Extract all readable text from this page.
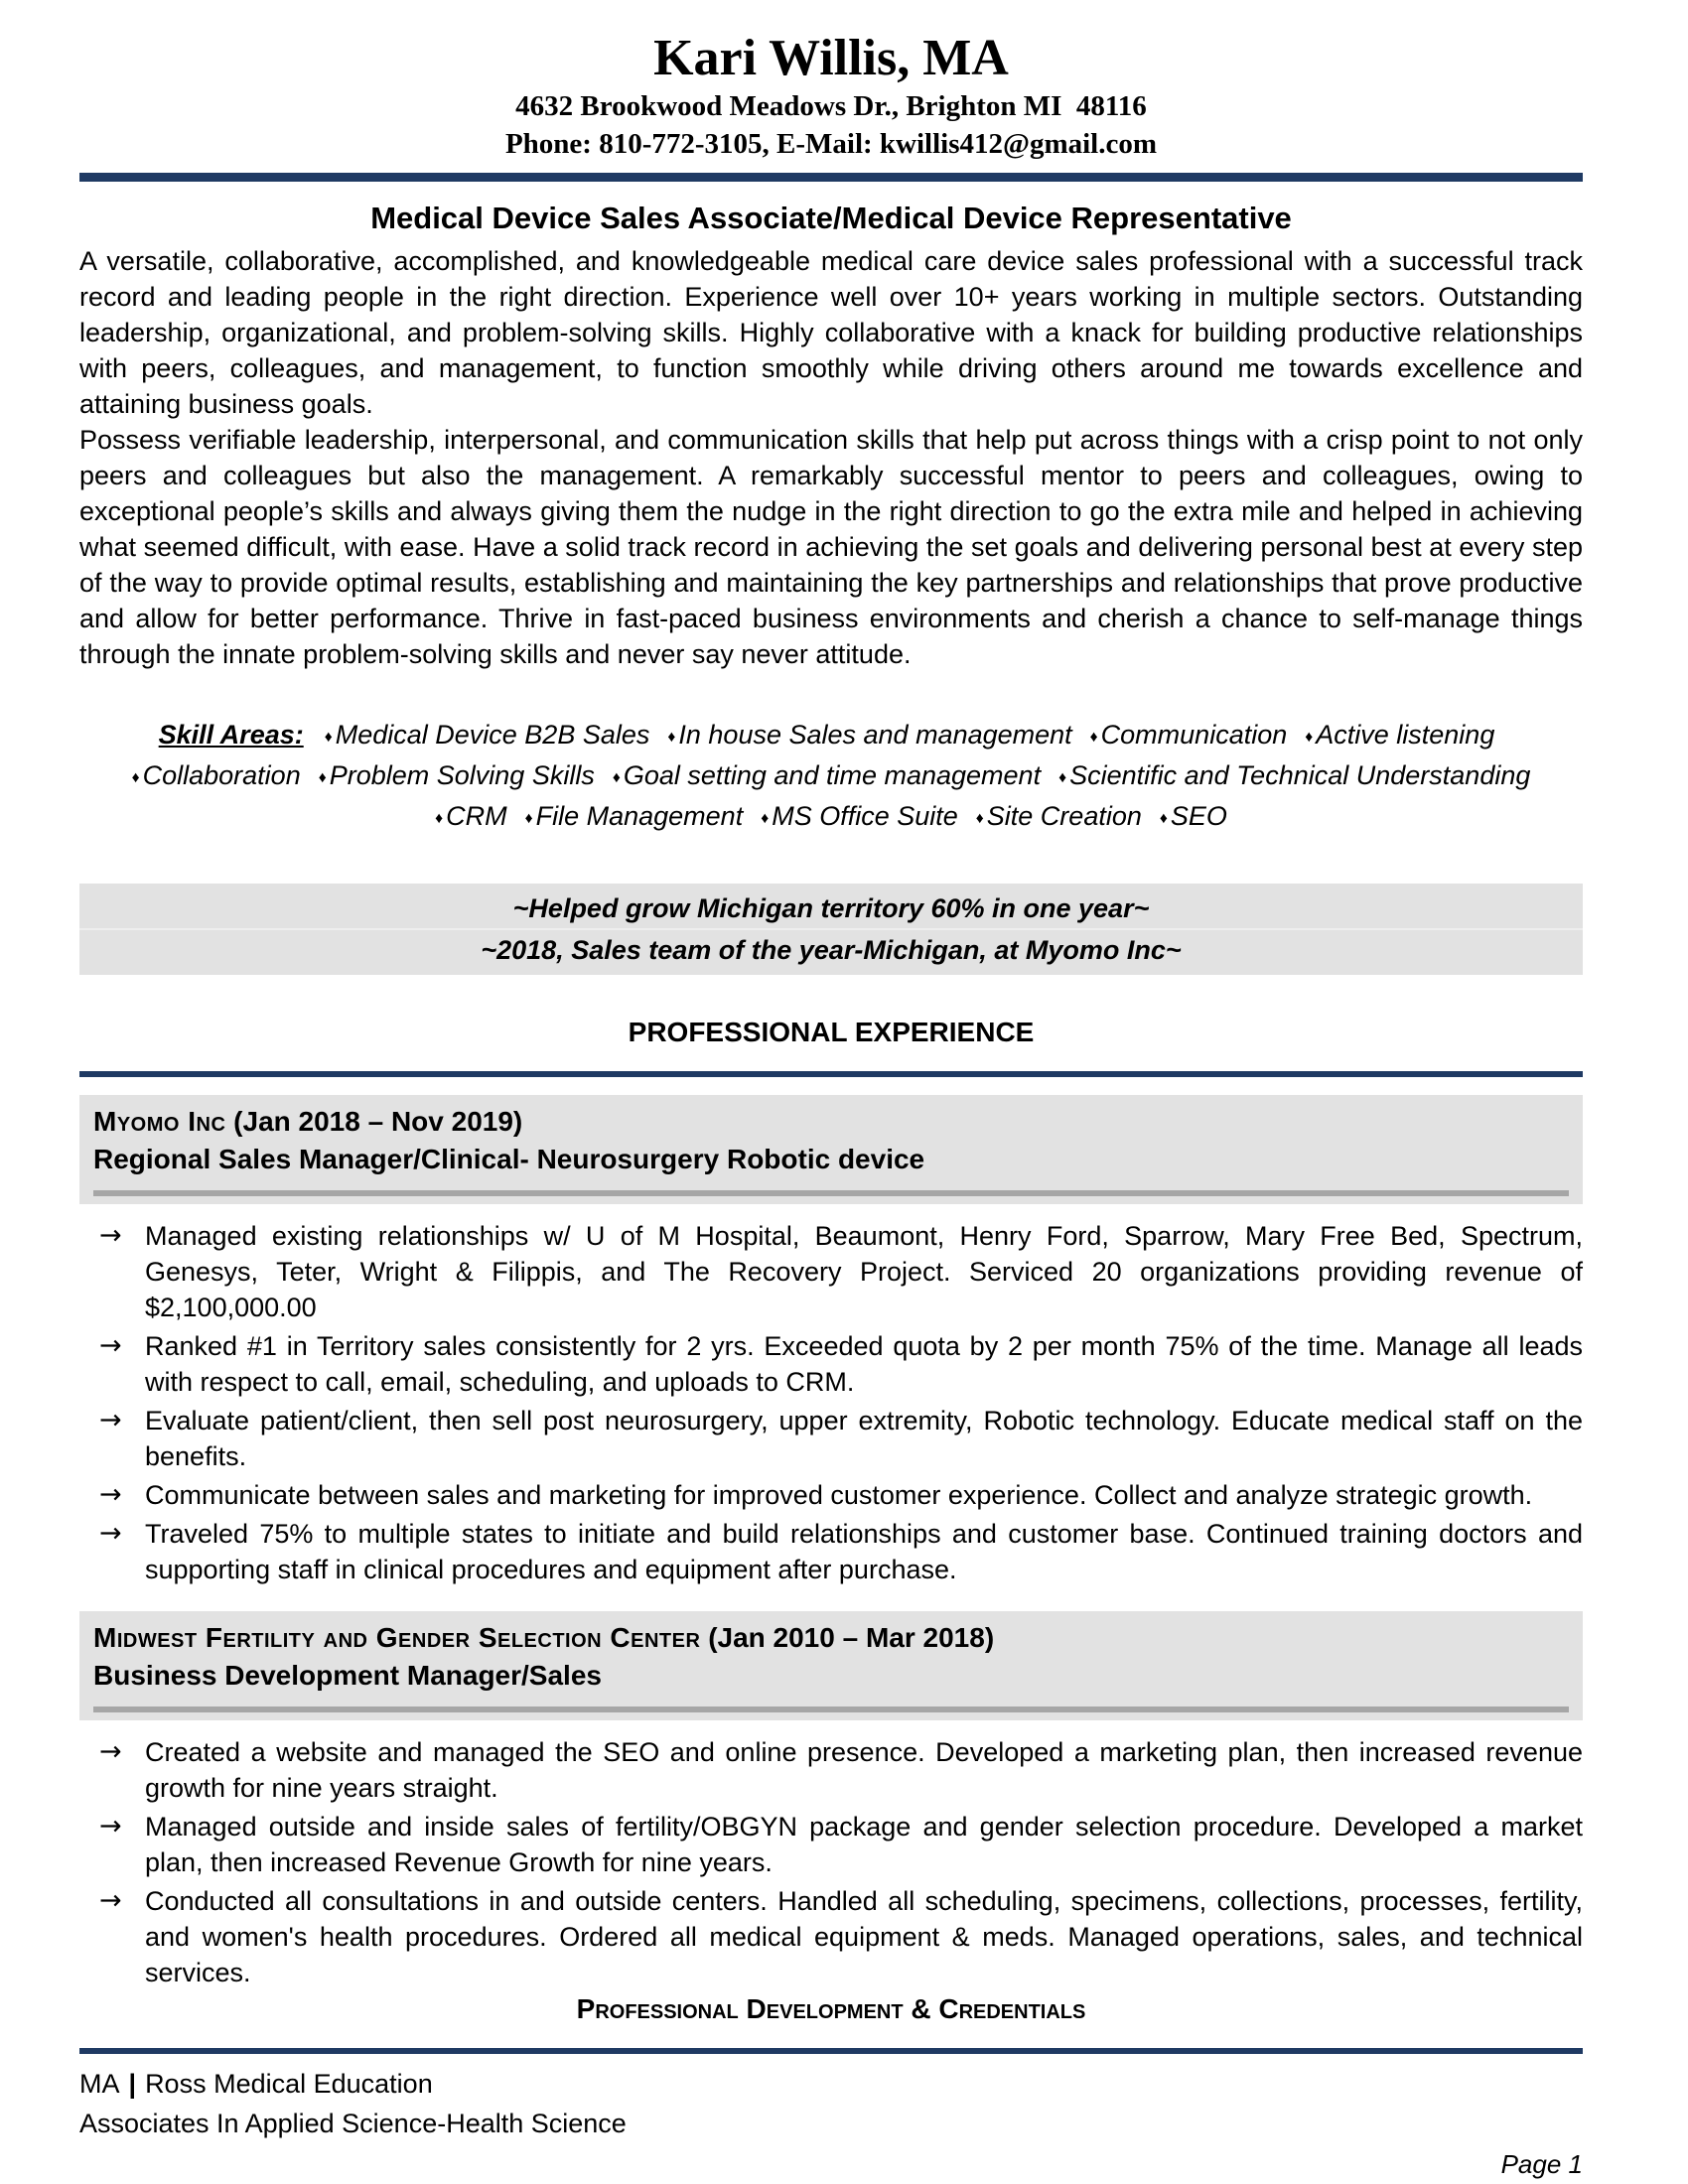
Kari Willis, MA
4632 Brookwood Meadows Dr., Brighton MI  48116
Phone: 810-772-3105, E-Mail: kwillis412@gmail.com
Medical Device Sales Associate/Medical Device Representative

A versatile, collaborative, accomplished, and knowledgeable medical care device sales professional with a successful track record and leading people in the right direction. Experience well over 10+ years working in multiple sectors. Outstanding leadership, organizational, and problem-solving skills. Highly collaborative with a knack for building productive relationships with peers, colleagues, and management, to function smoothly while driving others around me towards excellence and attaining business goals.

Possess verifiable leadership, interpersonal, and communication skills that help put across things with a crisp point to not only peers and colleagues but also the management. A remarkably successful mentor to peers and colleagues, owing to exceptional people’s skills and always giving them the nudge in the right direction to go the extra mile and helped in achieving what seemed difficult, with ease. Have a solid track record in achieving the set goals and delivering personal best at every step of the way to provide optimal results, establishing and maintaining the key partnerships and relationships that prove productive and allow for better performance. Thrive in fast-paced business environments and cherish a chance to self-manage things through the innate problem-solving skills and never say never attitude.

Skill Areas: ♦ Medical Device B2B Sales ♦ In house Sales and management ♦ Communication ♦ Active listening
♦ Collaboration ♦ Problem Solving Skills ♦ Goal setting and time management ♦ Scientific and Technical Understanding
♦ CRM ♦ File Management ♦ MS Office Suite ♦ Site Creation ♦ SEO
~Helped grow Michigan territory 60% in one year~
~2018, Sales team of the year-Michigan, at Myomo Inc~
PROFESSIONAL EXPERIENCE
Myomo Inc (Jan 2018 – Nov 2019)
Regional Sales Manager/Clinical- Neurosurgery Robotic device
→ Managed existing relationships w/ U of M Hospital, Beaumont, Henry Ford, Sparrow, Mary Free Bed, Spectrum, Genesys, Teter, Wright & Filippis, and The Recovery Project. Serviced 20 organizations providing revenue of $2,100,000.00
→ Ranked #1 in Territory sales consistently for 2 yrs. Exceeded quota by 2 per month 75% of the time. Manage all leads with respect to call, email, scheduling, and uploads to CRM.
→ Evaluate patient/client, then sell post neurosurgery, upper extremity, Robotic technology. Educate medical staff on the benefits.
→ Communicate between sales and marketing for improved customer experience. Collect and analyze strategic growth.
→ Traveled 75% to multiple states to initiate and build relationships and customer base. Continued training doctors and supporting staff in clinical procedures and equipment after purchase.
Midwest Fertility and Gender Selection Center (Jan 2010 – Mar 2018)
Business Development Manager/Sales
→ Created a website and managed the SEO and online presence. Developed a marketing plan, then increased revenue growth for nine years straight.
→ Managed outside and inside sales of fertility/OBGYN package and gender selection procedure. Developed a market plan, then increased Revenue Growth for nine years.
→ Conducted all consultations in and outside centers. Handled all scheduling, specimens, collections, processes, fertility, and women's health procedures. Ordered all medical equipment & meds. Managed operations, sales, and technical services.
Professional Development & Credentials
MA | Ross Medical Education
Associates In Applied Science-Health Science
Page 1
